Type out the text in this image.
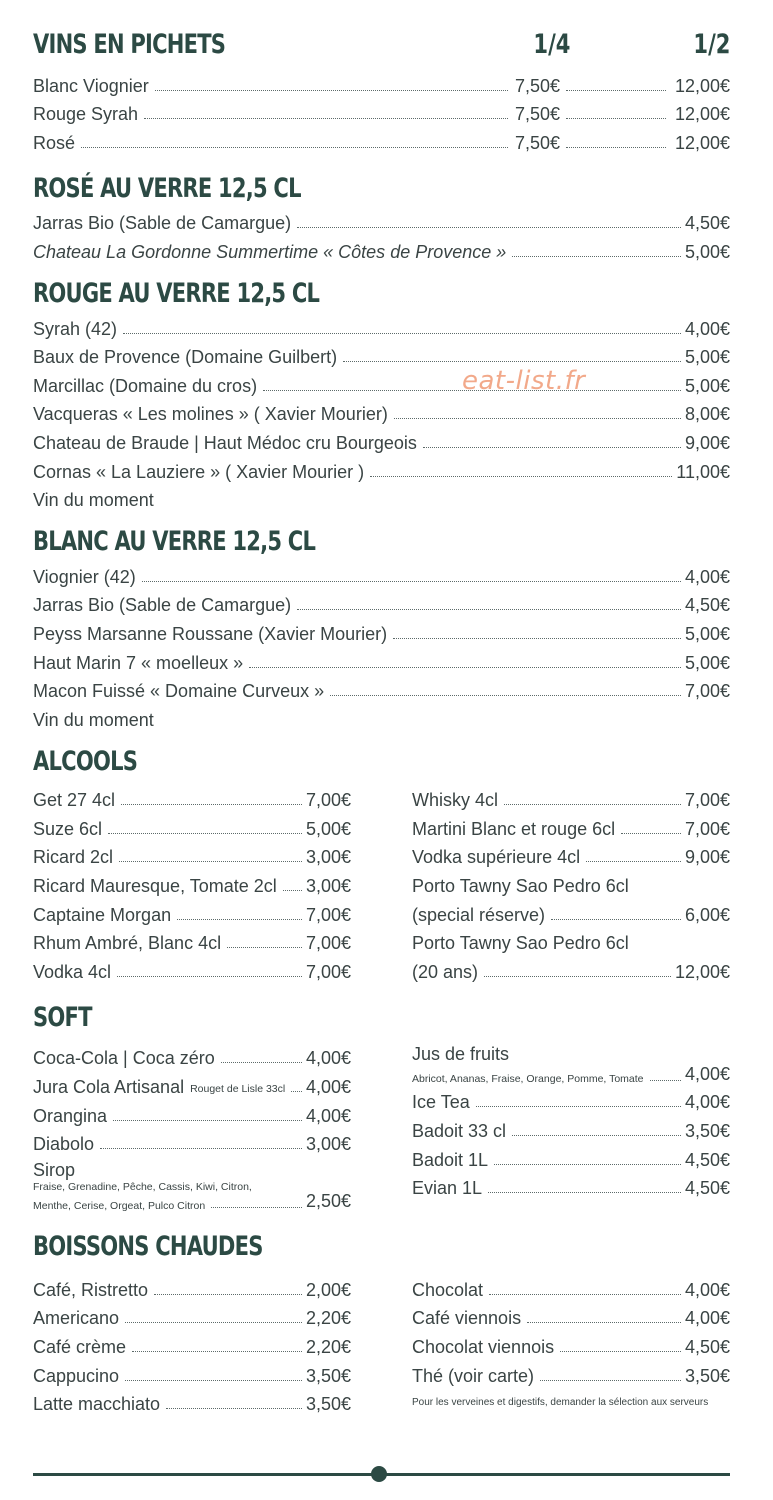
VINS EN PICHETS	1/4	1/2
Blanc Viognier	7,50€	12,00€
Rouge Syrah	7,50€	12,00€
Rosé	7,50€	12,00€
ROSÉ AU VERRE 12,5 CL
Jarras Bio (Sable de Camargue)	4,50€
Chateau La Gordonne Summertime « Côtes de Provence »	5,00€
ROUGE AU VERRE 12,5 CL
Syrah (42)	4,00€
Baux de Provence (Domaine Guilbert)	5,00€
Marcillac (Domaine du cros)	5,00€
Vacqueras « Les molines » ( Xavier Mourier)	8,00€
Chateau de Braude | Haut Médoc cru Bourgeois	9,00€
Cornas « La Lauziere » ( Xavier Mourier )	11,00€
Vin du moment
BLANC AU VERRE 12,5 CL
Viognier (42)	4,00€
Jarras Bio (Sable de Camargue)	4,50€
Peyss Marsanne Roussane (Xavier Mourier)	5,00€
Haut Marin 7 « moelleux »	5,00€
Macon Fuissé « Domaine Curveux »	7,00€
Vin du moment
ALCOOLS
Get 27 4cl	7,00€
Suze 6cl	5,00€
Ricard 2cl	3,00€
Ricard Mauresque, Tomate 2cl 3,00€
Captaine Morgan	7,00€
Rhum Ambré, Blanc 4cl	7,00€
Vodka 4cl	7,00€
Whisky 4cl	7,00€
Martini Blanc et rouge 6cl	7,00€
Vodka supérieure 4cl	9,00€
Porto Tawny Sao Pedro 6cl
(special réserve)	6,00€
Porto Tawny Sao Pedro 6cl
(20 ans)	12,00€
SOFT
Coca-Cola | Coca zéro	4,00€
Jura Cola Artisanal Rouget de Lisle 33cl 4,00€
Orangina	4,00€
Diabolo	3,00€
Sirop
Fraise, Grenadine, Pêche, Cassis, Kiwi, Citron,
Menthe, Cerise, Orgeat, Pulco Citron	2,50€
Jus de fruits
Abricot, Ananas, Fraise, Orange, Pomme, Tomate 4,00€
Ice Tea	4,00€
Badoit 33 cl	3,50€
Badoit 1L	4,50€
Evian 1L	4,50€
BOISSONS CHAUDES
Café, Ristretto	2,00€
Americano	2,20€
Café crème	2,20€
Cappucino	3,50€
Latte macchiato	3,50€
Chocolat	4,00€
Café viennois	4,00€
Chocolat viennois	4,50€
Thé (voir carte)	3,50€
Pour les verveines et digestifs, demander la sélection aux serveurs
eat-list.fr
